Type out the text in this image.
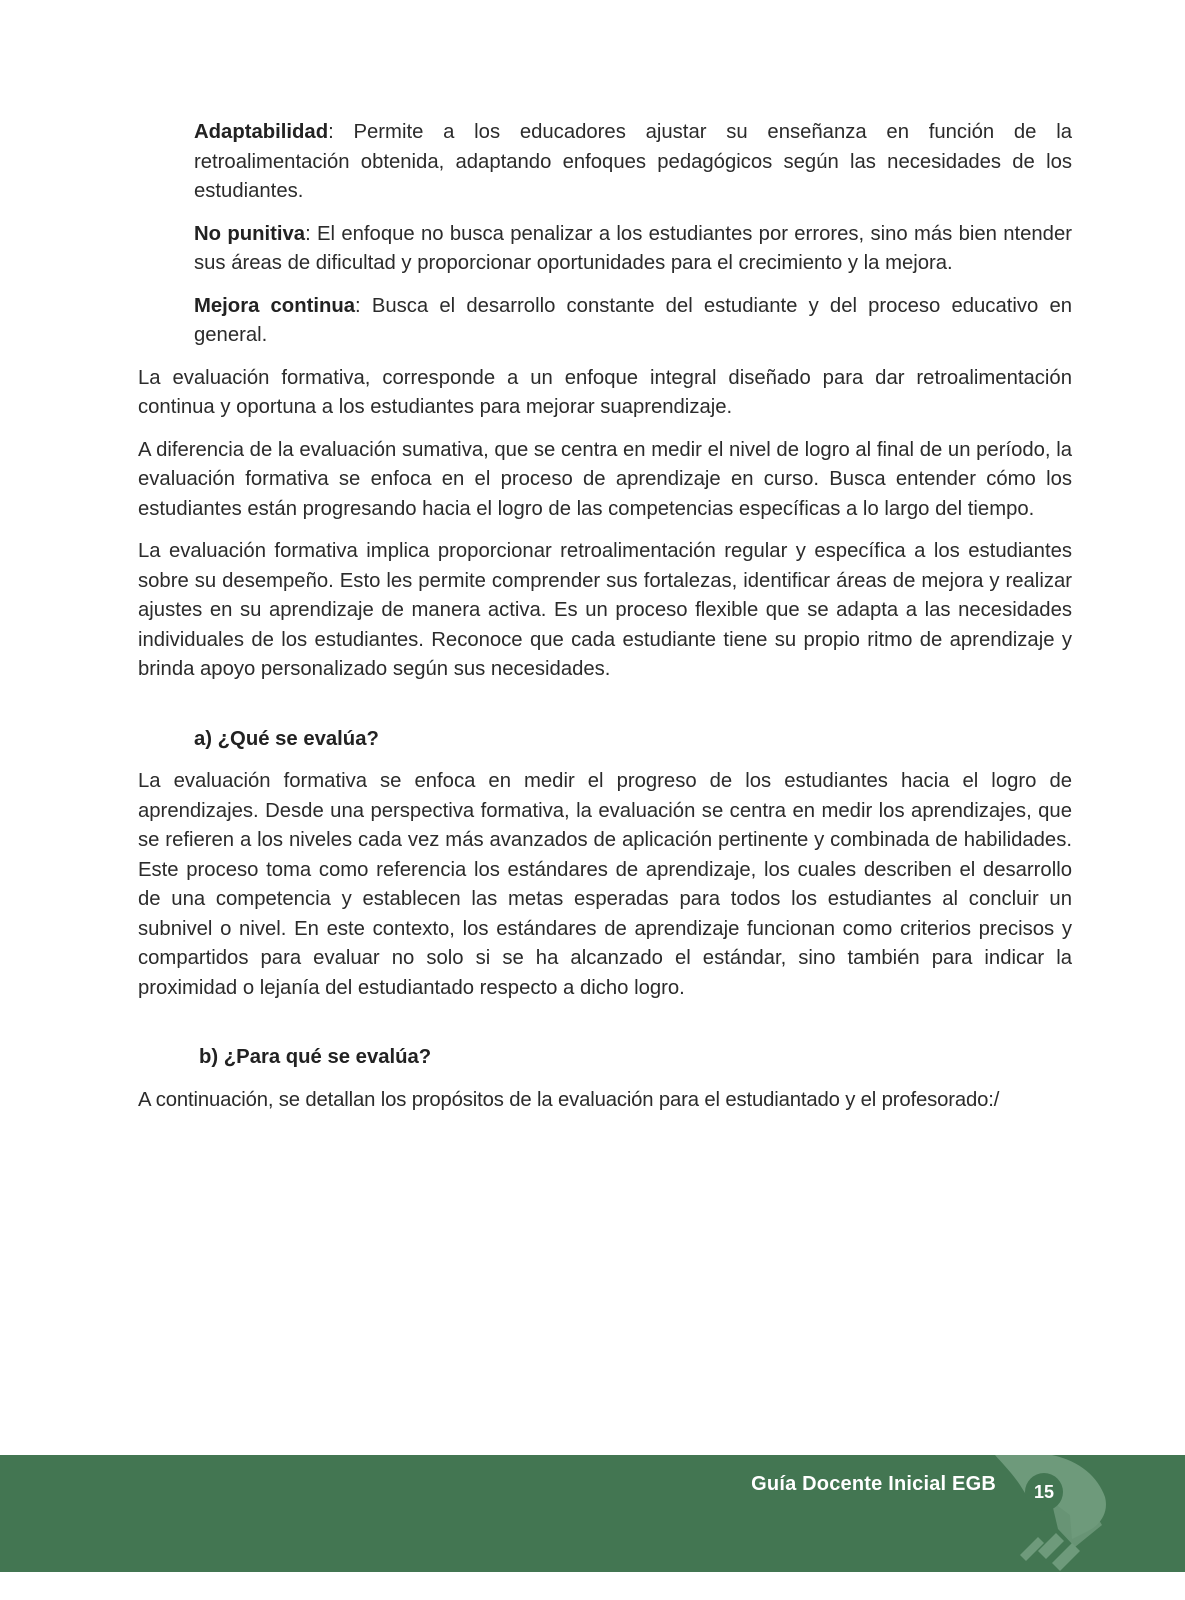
Adaptabilidad: Permite a los educadores ajustar su enseñanza en función de la retroalimentación obtenida, adaptando enfoques pedagógicos según las necesidades de los estudiantes.

No punitiva: El enfoque no busca penalizar a los estudiantes por errores, sino más bien ntender sus áreas de dificultad y proporcionar oportunidades para el crecimiento y la mejora.

Mejora continua: Busca el desarrollo constante del estudiante y del proceso educativo en general.

La evaluación formativa, corresponde a un enfoque integral diseñado para dar retroalimentación continua y oportuna a los estudiantes para mejorar suaprendizaje.

A diferencia de la evaluación sumativa, que se centra en medir el nivel de logro al final de un período, la evaluación formativa se enfoca en el proceso de aprendizaje en curso. Busca entender cómo los estudiantes están progresando hacia el logro de las competencias específicas a lo largo del tiempo.

La evaluación formativa implica proporcionar retroalimentación regular y específica a los estudiantes sobre su desempeño. Esto les permite comprender sus fortalezas, identificar áreas de mejora y realizar ajustes en su aprendizaje de manera activa. Es un proceso flexible que se adapta a las necesidades individuales de los estudiantes. Reconoce que cada estudiante tiene su propio ritmo de aprendizaje y brinda apoyo personalizado según sus necesidades.

a) ¿Qué se evalúa?

La evaluación formativa se enfoca en medir el progreso de los estudiantes hacia el logro de aprendizajes. Desde una perspectiva formativa, la evaluación se centra en medir los aprendizajes, que se refieren a los niveles cada vez más avanzados de aplicación pertinente y combinada de habilidades. Este proceso toma como referencia los estándares de aprendizaje, los cuales describen el desarrollo de una competencia y establecen las metas esperadas para todos los estudiantes al concluir un subnivel o nivel. En este contexto, los estándares de aprendizaje funcionan como criterios precisos y compartidos para evaluar no solo si se ha alcanzado el estándar, sino también para indicar la proximidad o lejanía del estudiantado respecto a dicho logro.

b) ¿Para qué se evalúa?

A continuación, se detallan los propósitos de la evaluación para el estudiantado y el profesorado:/

Guía Docente Inicial EGB	15
